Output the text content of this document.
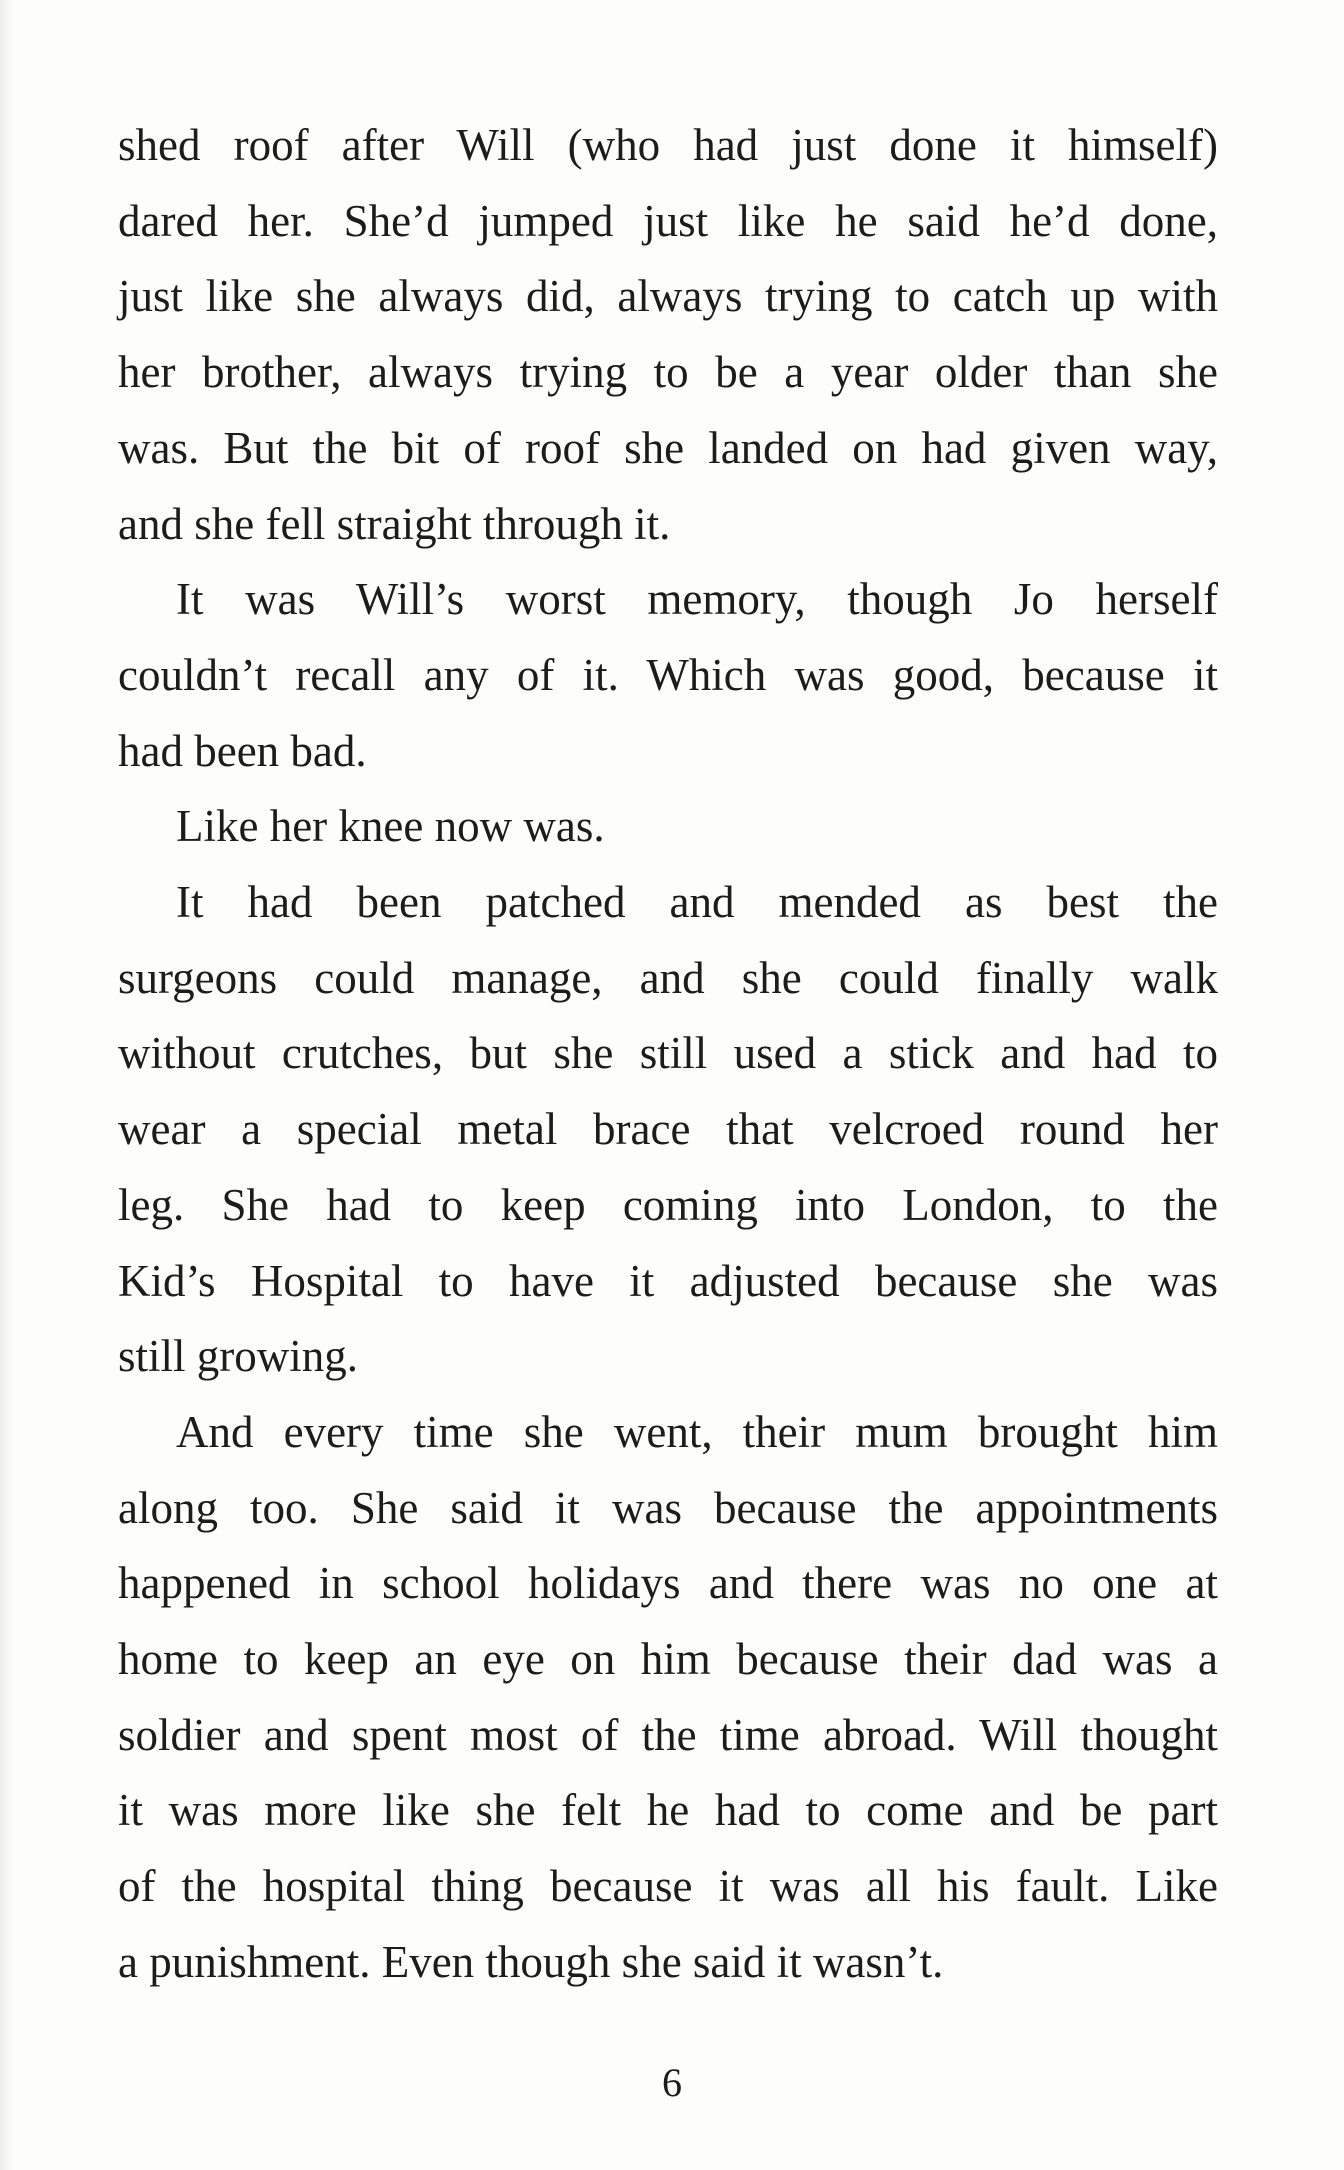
shed roof after Will (who had just done it himself)
dared her. She’d jumped just like he said he’d done,
just like she always did, always trying to catch up with
her brother, always trying to be a year older than she
was. But the bit of roof she landed on had given way,
and she fell straight through it.

It was Will’s worst memory, though Jo herself
couldn’t recall any of it. Which was good, because it
had been bad.

Like her knee now was.

It had been patched and mended as best the
surgeons could manage, and she could finally walk
without crutches, but she still used a stick and had to
wear a special metal brace that velcroed round her
leg. She had to keep coming into London, to the
Kid’s Hospital to have it adjusted because she was
still growing.

And every time she went, their mum brought him
along too. She said it was because the appointments
happened in school holidays and there was no one at
home to keep an eye on him because their dad was a
soldier and spent most of the time abroad. Will thought
it was more like she felt he had to come and be part
of the hospital thing because it was all his fault. Like
a punishment. Even though she said it wasn’t.

6
